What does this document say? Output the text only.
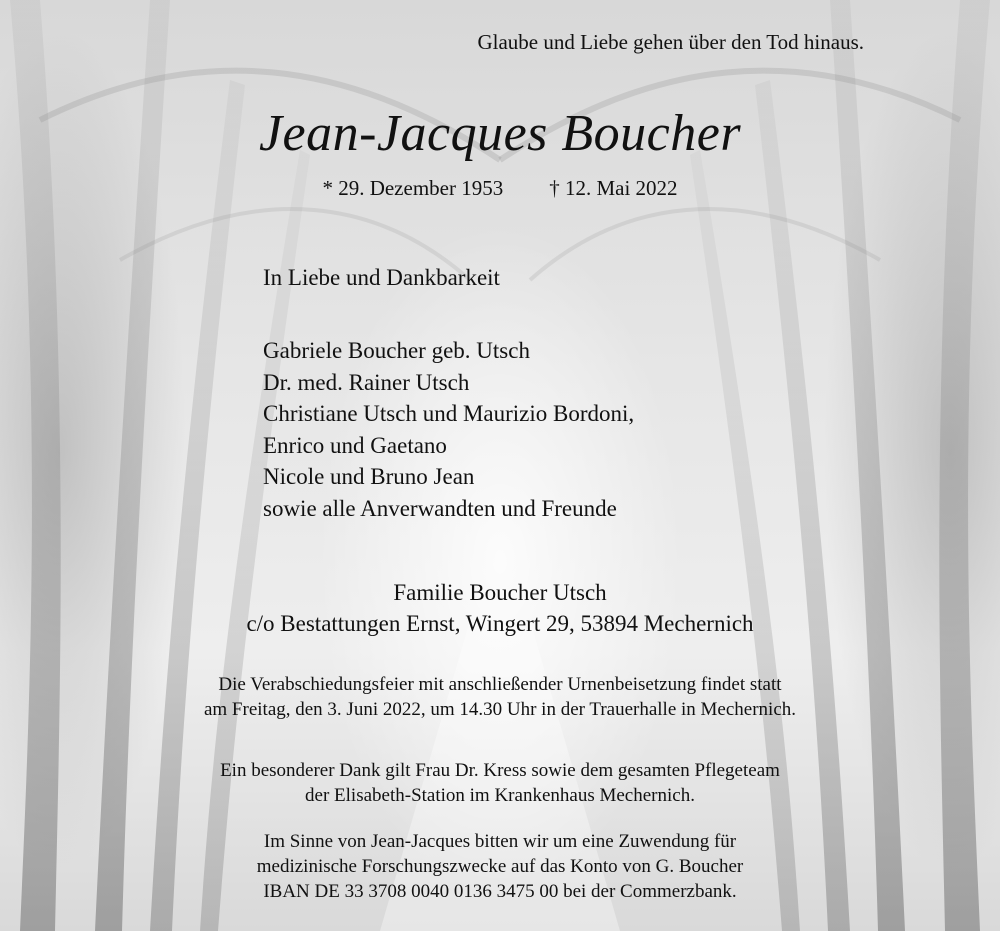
Glaube und Liebe gehen über den Tod hinaus.
Jean-Jacques Boucher
* 29. Dezember 1953 † 12. Mai 2022
In Liebe und Dankbarkeit
Gabriele Boucher geb. Utsch
Dr. med. Rainer Utsch
Christiane Utsch und Maurizio Bordoni,
Enrico und Gaetano
Nicole und Bruno Jean
sowie alle Anverwandten und Freunde
Familie Boucher Utsch
c/o Bestattungen Ernst, Wingert 29, 53894 Mechernich
Die Verabschiedungsfeier mit anschließender Urnenbeisetzung findet statt
am Freitag, den 3. Juni 2022, um 14.30 Uhr in der Trauerhalle in Mechernich.
Ein besonderer Dank gilt Frau Dr. Kress sowie dem gesamten Pflegeteam
der Elisabeth-Station im Krankenhaus Mechernich.
Im Sinne von Jean-Jacques bitten wir um eine Zuwendung für
medizinische Forschungszwecke auf das Konto von G. Boucher
IBAN DE 33 3708 0040 0136 3475 00 bei der Commerzbank.
